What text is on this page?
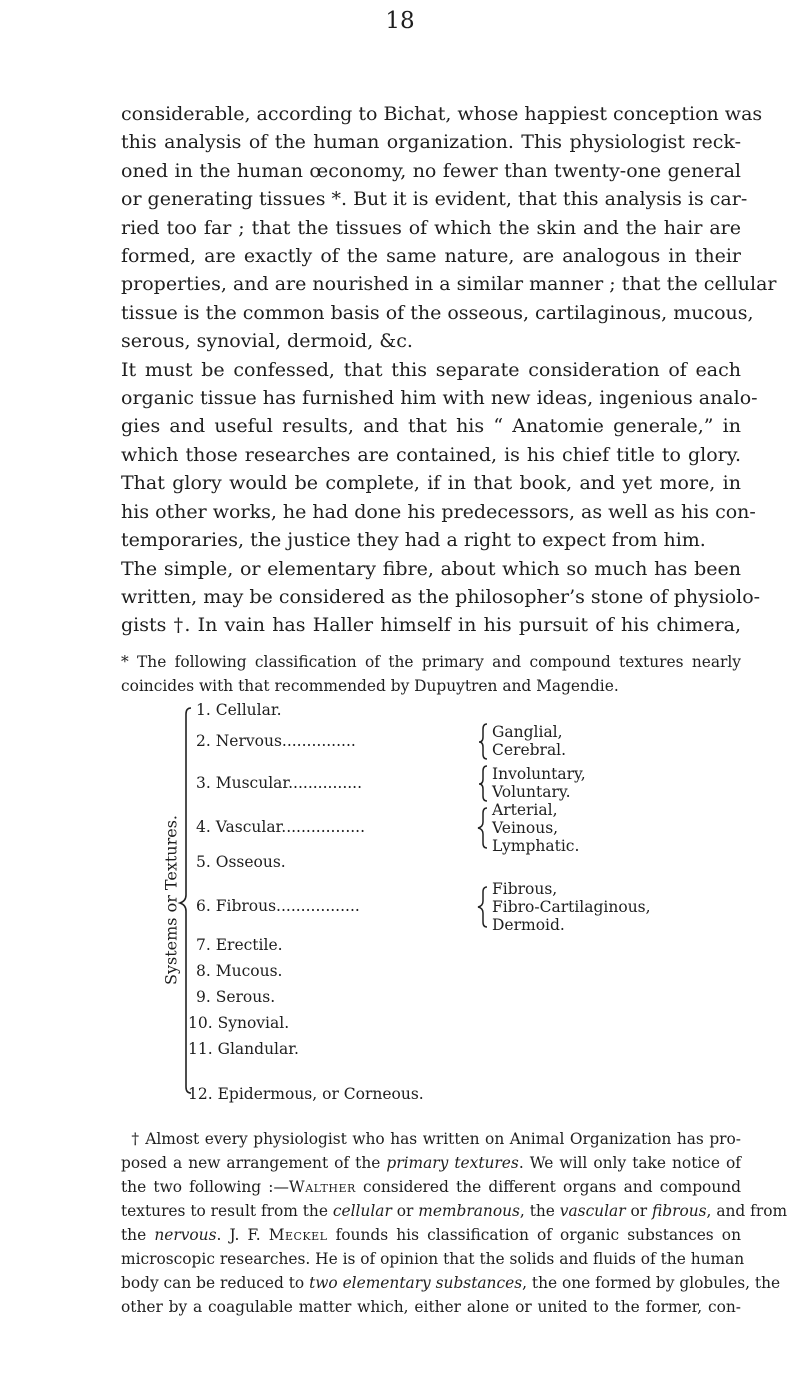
18
considerable, according to Bichat, whose happiest conception was
this analysis of the human organization. This physiologist reck-
oned in the human œconomy, no fewer than twenty-one general
or generating tissues *. But it is evident, that this analysis is car-
ried too far ; that the tissues of which the skin and the hair are
formed, are exactly of the same nature, are analogous in their
properties, and are nourished in a similar manner ; that the cellular
tissue is the common basis of the osseous, cartilaginous, mucous,
serous, synovial, dermoid, &c.
It must be confessed, that this separate consideration of each
organic tissue has furnished him with new ideas, ingenious analo-
gies and useful results, and that his “ Anatomie generale,” in
which those researches are contained, is his chief title to glory.
That glory would be complete, if in that book, and yet more, in
his other works, he had done his predecessors, as well as his con-
temporaries, the justice they had a right to expect from him.
The simple, or elementary fibre, about which so much has been
written, may be considered as the philosopher’s stone of physiolo-
gists †. In vain has Haller himself in his pursuit of his chimera,
* The following classification of the primary and compound textures nearly
coincides with that recommended by Dupuytren and Magendie.
Systems or Textures.
1. Cellular.
2. Nervous...............	Ganglial,
Cerebral.
3. Muscular...............	Involuntary,
Voluntary.
4. Vascular.................
Arterial,
Veinous,
Lymphatic.
5. Osseous.
6. Fibrous.................
Fibrous,
Fibro-Cartilaginous,
Dermoid.
7. Erectile.
8. Mucous.
9. Serous.
10. Synovial.
11. Glandular.
12. Epidermous, or Corneous.
 † Almost every physiologist who has written on Animal Organization has pro-
posed a new arrangement of the primary textures. We will only take notice of
the two following :—Walther considered the different organs and compound
textures to result from the cellular or membranous, the vascular or fibrous, and from
the nervous. J. F. Meckel founds his classification of organic substances on
microscopic researches. He is of opinion that the solids and fluids of the human
body can be reduced to two elementary substances, the one formed by globules, the
other by a coagulable matter which, either alone or united to the former, con-
